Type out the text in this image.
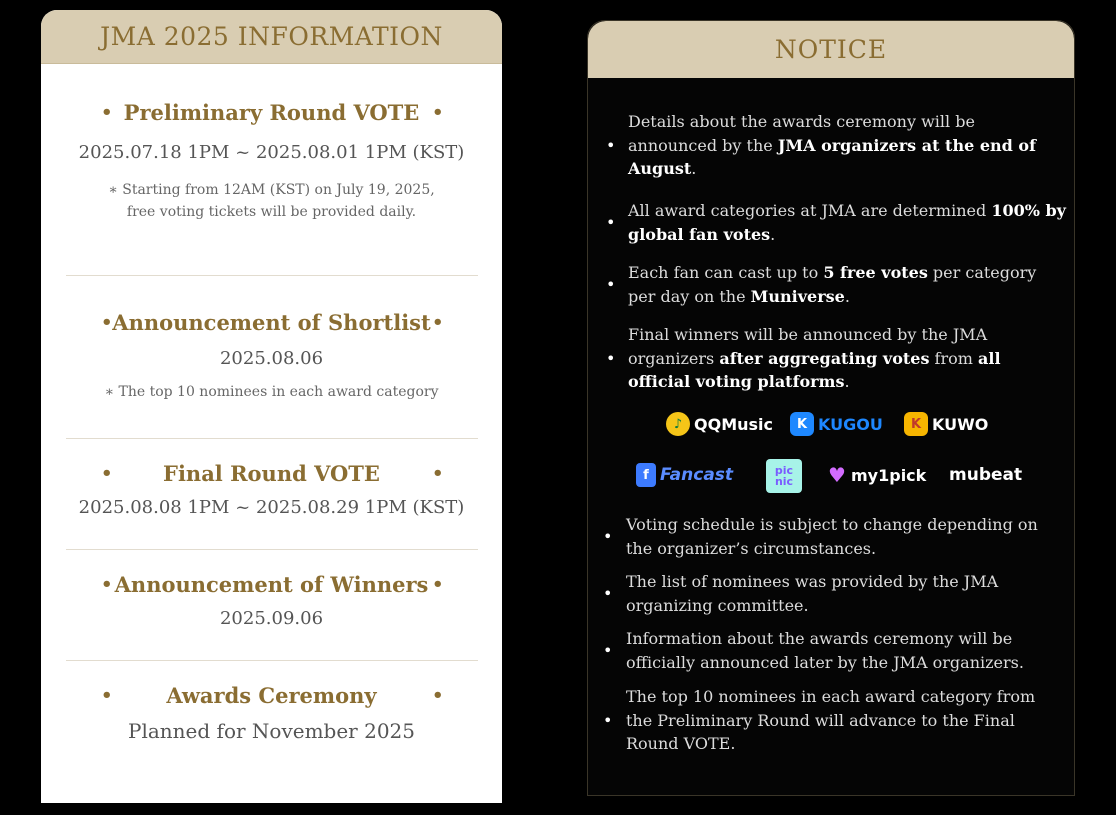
JMA 2025 INFORMATION
• Preliminary Round VOTE •
2025.07.18 1PM ~ 2025.08.01 1PM (KST)
∗ Starting from 12AM (KST) on July 19, 2025,
free voting tickets will be provided daily.
• Announcement of Shortlist •
2025.08.06
∗ The top 10 nominees in each award category
• Final Round VOTE	•
2025.08.08 1PM ~ 2025.08.29 1PM (KST)
• Announcement of Winners •
2025.09.06
•	Awards Ceremony	•
Planned for November 2025
NOTICE
•
Details about the awards ceremony will be announced by the JMA organizers at the end of August.
•
All award categories at JMA are determined 100% by global fan votes.
•
Each fan can cast up to 5 free votes per category per day on the Muniverse.
•
Final winners will be announced by the JMA organizers after aggregating votes from all official voting platforms.
♪ QQMusic	K KUGOU	K KUWO
f Fancast	pic nic	♥ my1pick mubeat
•
Voting schedule is subject to change depending on the organizer’s circumstances.
•
The list of nominees was provided by the JMA organizing committee.
•
Information about the awards ceremony will be officially announced later by the JMA organizers.
•
The top 10 nominees in each award category from the Preliminary Round will advance to the Final Round VOTE.
